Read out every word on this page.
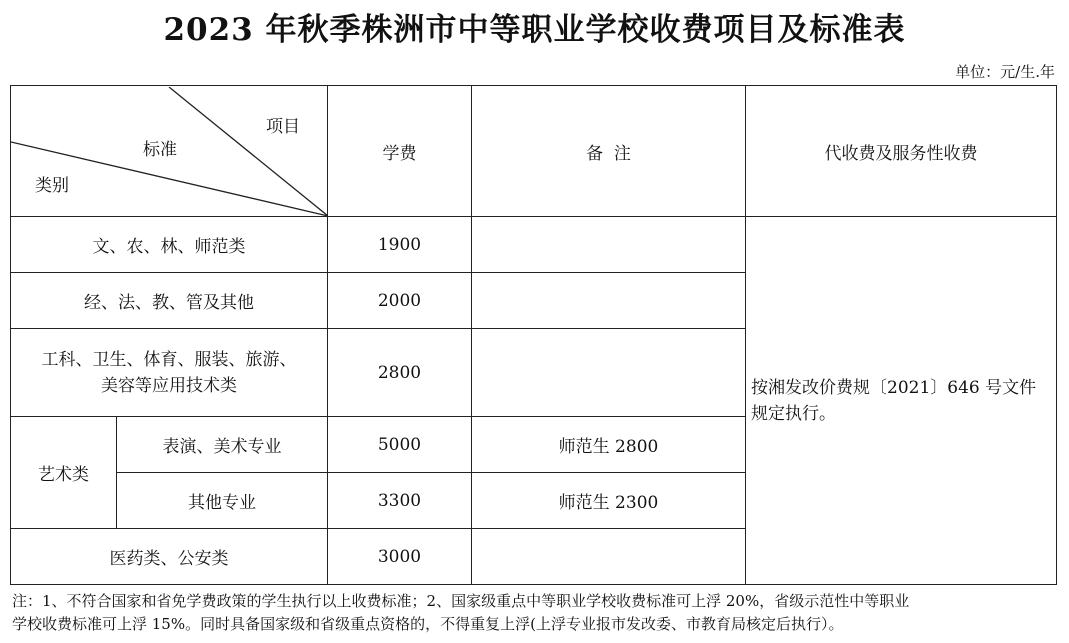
2023 年秋季株洲市中等职业学校收费项目及标准表
单位：元/生.年
项目
标准
类别		学费	备  注	代收费及服务性收费
文、农、林、师范类		1900		按湘发改价费规〔2021〕646 号文件规定执行。
经、法、教、管及其他		2000		

工科、卫生、体育、服装、旅游、
美容等应用技术类		2800		
艺术类	表演、美术专业	5000	师范生 2800	
	其他专业	3300	师范生 2300	
医药类、公安类		3000		
注：1、不符合国家和省免学费政策的学生执行以上收费标准；2、国家级重点中等职业学校收费标准可上浮 20%，省级示范性中等职业
学校收费标准可上浮 15%。同时具备国家级和省级重点资格的，不得重复上浮(上浮专业报市发改委、市教育局核定后执行）。
